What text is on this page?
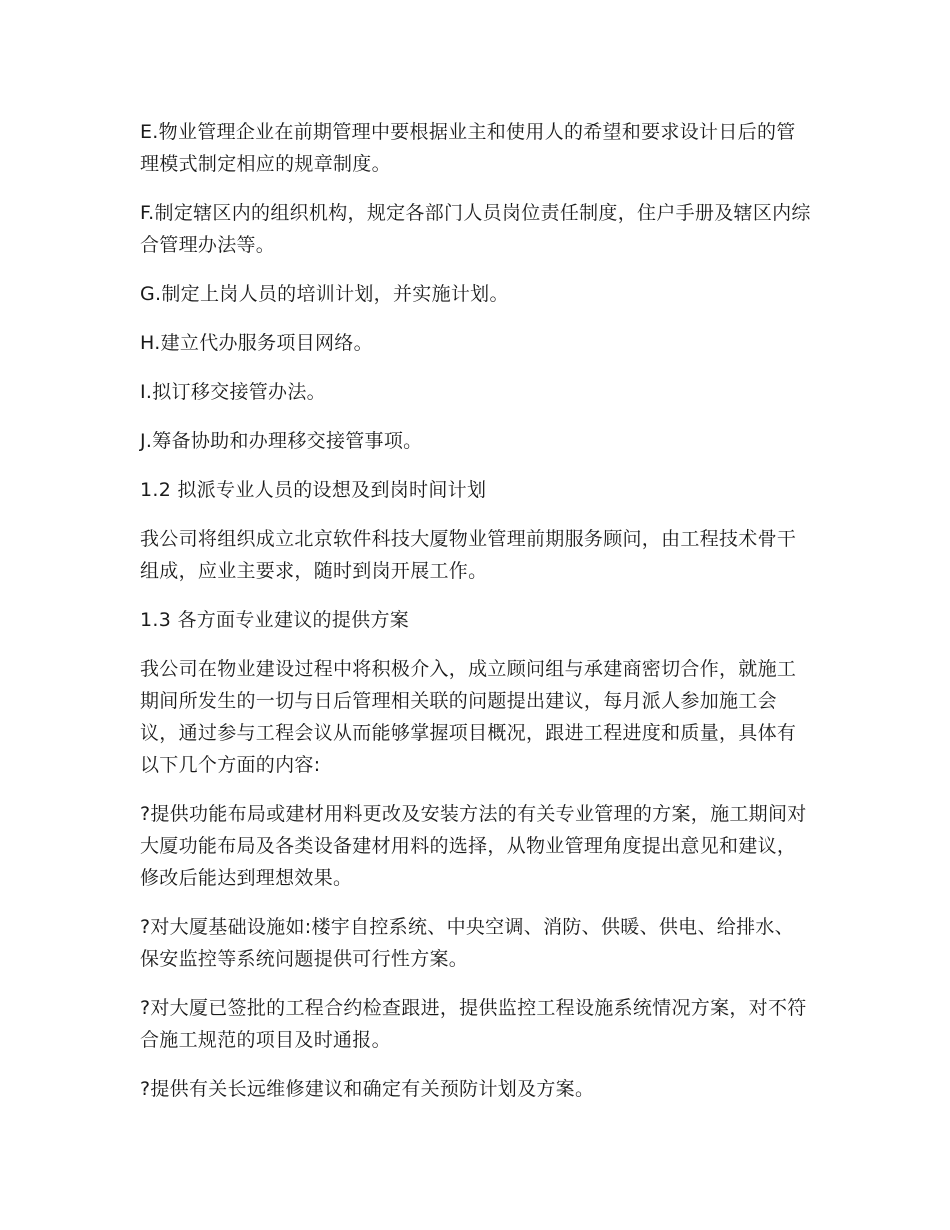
E.物业管理企业在前期管理中要根据业主和使用人的希望和要求设计日后的管理模式制定相应的规章制度。

F.制定辖区内的组织机构，规定各部门人员岗位责任制度，住户手册及辖区内综合管理办法等。

G.制定上岗人员的培训计划，并实施计划。

H.建立代办服务项目网络。

I.拟订移交接管办法。

J.筹备协助和办理移交接管事项。

1.2 拟派专业人员的设想及到岗时间计划

我公司将组织成立北京软件科技大厦物业管理前期服务顾问，由工程技术骨干组成，应业主要求，随时到岗开展工作。

1.3 各方面专业建议的提供方案

我公司在物业建设过程中将积极介入，成立顾问组与承建商密切合作，就施工期间所发生的一切与日后管理相关联的问题提出建议，每月派人参加施工会议，通过参与工程会议从而能够掌握项目概况，跟进工程进度和质量，具体有以下几个方面的内容:

?提供功能布局或建材用料更改及安装方法的有关专业管理的方案，施工期间对大厦功能布局及各类设备建材用料的选择，从物业管理角度提出意见和建议，修改后能达到理想效果。

?对大厦基础设施如:楼宇自控系统、中央空调、消防、供暖、供电、给排水、保安监控等系统问题提供可行性方案。

?对大厦已签批的工程合约检查跟进，提供监控工程设施系统情况方案，对不符合施工规范的项目及时通报。

?提供有关长远维修建议和确定有关预防计划及方案。
